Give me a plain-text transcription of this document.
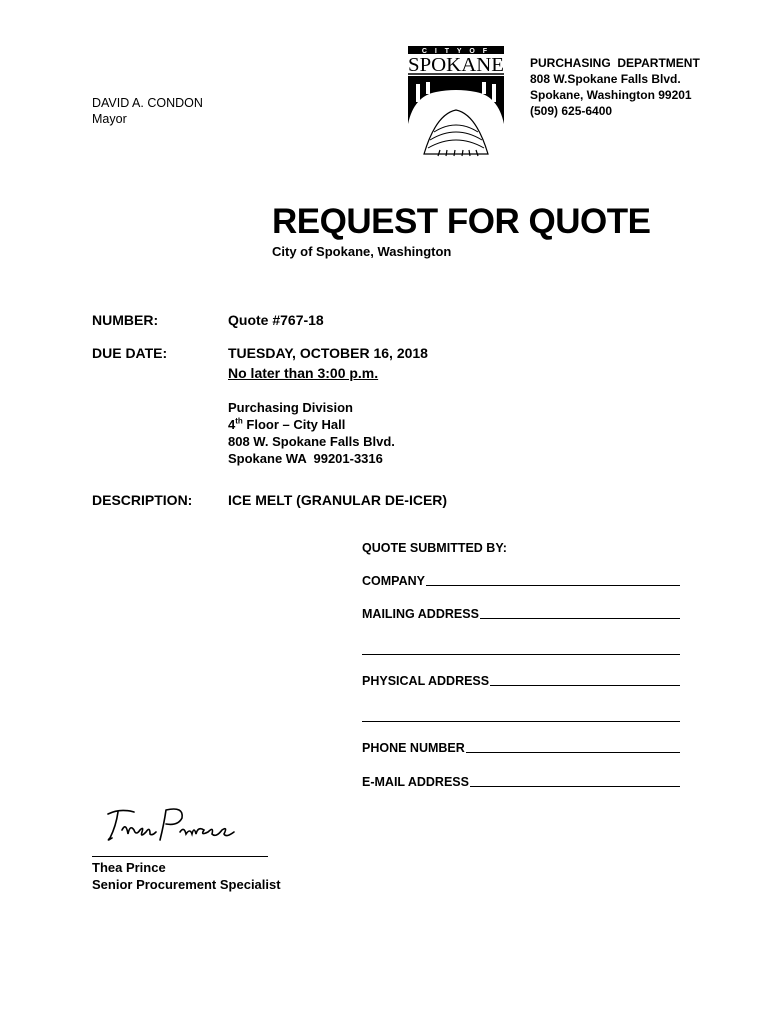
DAVID A. CONDON
Mayor
C I T Y O F
SPOKANE PURCHASING  DEPARTMENT
808 W.Spokane Falls Blvd.
Spokane, Washington 99201
(509) 625-6400
REQUEST FOR QUOTE
City of Spokane, Washington
NUMBER:	Quote #767-18
DUE DATE:	TUESDAY, OCTOBER 16, 2018
No later than 3:00 p.m.
Purchasing Division
4th Floor – City Hall
808 W. Spokane Falls Blvd.
Spokane WA  99201-3316
DESCRIPTION:	ICE MELT (GRANULAR DE-ICER)
QUOTE SUBMITTED BY:
COMPANY
MAILING ADDRESS
PHYSICAL ADDRESS
PHONE NUMBER
E-MAIL ADDRESS
Thea Prince
Senior Procurement Specialist
